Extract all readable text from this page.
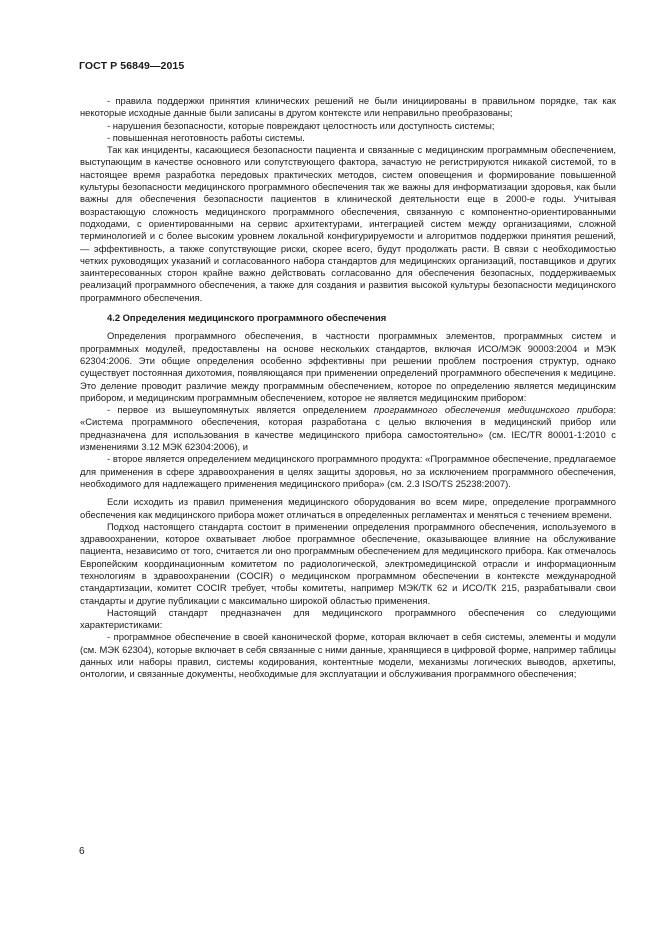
ГОСТ Р 56849—2015

- правила поддержки принятия клинических решений не были инициированы в правильном порядке, так как некоторые исходные данные были записаны в другом контексте или неправильно преобразованы;

- нарушения безопасности, которые повреждают целостность или доступность системы;

- повышенная неготовность работы системы.

Так как инциденты, касающиеся безопасности пациента и связанные с медицинским программным обеспечением, выступающим в качестве основного или сопутствующего фактора, зачастую не регистрируются никакой системой, то в настоящее время разработка передовых практических методов, систем оповещения и формирование повышенной культуры безопасности медицинского программного обеспечения так же важны для информатизации здоровья, как были важны для обеспечения безопасности пациентов в клинической деятельности еще в 2000-е годы. Учитывая возрастающую сложность медицинского программного обеспечения, связанную с компонентно-ориентированными подходами, с ориентированными на сервис архитектурами, интеграцией систем между организациями, сложной терминологией и с более высоким уровнем локальной конфигурируемости и алгоритмов поддержки принятия решений, — эффективность, а также сопутствующие риски, скорее всего, будут продолжать расти. В связи с необходимостью четких руководящих указаний и согласованного набора стандартов для медицинских организаций, поставщиков и других заинтересованных сторон крайне важно действовать согласованно для обеспечения безопасных, поддерживаемых реализаций программного обеспечения, а также для создания и развития высокой культуры безопасности медицинского программного обеспечения.

4.2 Определения медицинского программного обеспечения

Определения программного обеспечения, в частности программных элементов, программных систем и программных модулей, предоставлены на основе нескольких стандартов, включая ИСО/МЭК 90003:2004 и МЭК 62304:2006. Эти общие определения особенно эффективны при решении проблем построения структур, однако существует постоянная дихотомия, появляющаяся при применении определений программного обеспечения к медицине. Это деление проводит различие между программным обеспечением, которое по определению является медицинским прибором, и медицинским программным обеспечением, которое не является медицинским прибором:

- первое из вышеупомянутых является определением программного обеспечения медицинского прибора: «Система программного обеспечения, которая разработана с целью включения в медицинский прибор или предназначена для использования в качестве медицинского прибора самостоятельно» (см. IEC/TR 80001-1:2010 с изменениями 3.12 МЭК 62304:2006), и

- второе является определением медицинского программного продукта: «Программное обеспечение, предлагаемое для применения в сфере здравоохранения в целях защиты здоровья, но за исключением программного обеспечения, необходимого для надлежащего применения медицинского прибора» (см. 2.3 ISO/TS 25238:2007).

Если исходить из правил применения медицинского оборудования во всем мире, определение программного обеспечения как медицинского прибора может отличаться в определенных регламентах и меняться с течением времени.

Подход настоящего стандарта состоит в применении определения программного обеспечения, используемого в здравоохранении, которое охватывает любое программное обеспечение, оказывающее влияние на обслуживание пациента, независимо от того, считается ли оно программным обеспечением для медицинского прибора. Как отмечалось Европейским координационным комитетом по радиологической, электромедицинской отрасли и информационным технологиям в здравоохранении (COCIR) о медицинском программном обеспечении в контексте международной стандартизации, комитет COCIR требует, чтобы комитеты, например МЭК/ТК 62 и ИСО/ТК 215, разрабатывали свои стандарты и другие публикации с максимально широкой областью применения.

Настоящий стандарт предназначен для медицинского программного обеспечения со следующими характеристиками:

- программное обеспечение в своей канонической форме, которая включает в себя системы, элементы и модули (см. МЭК 62304), которые включает в себя связанные с ними данные, хранящиеся в цифровой форме, например таблицы данных или наборы правил, системы кодирования, контентные модели, механизмы логических выводов, архетипы, онтологии, и связанные документы, необходимые для эксплуатации и обслуживания программного обеспечения;

6
